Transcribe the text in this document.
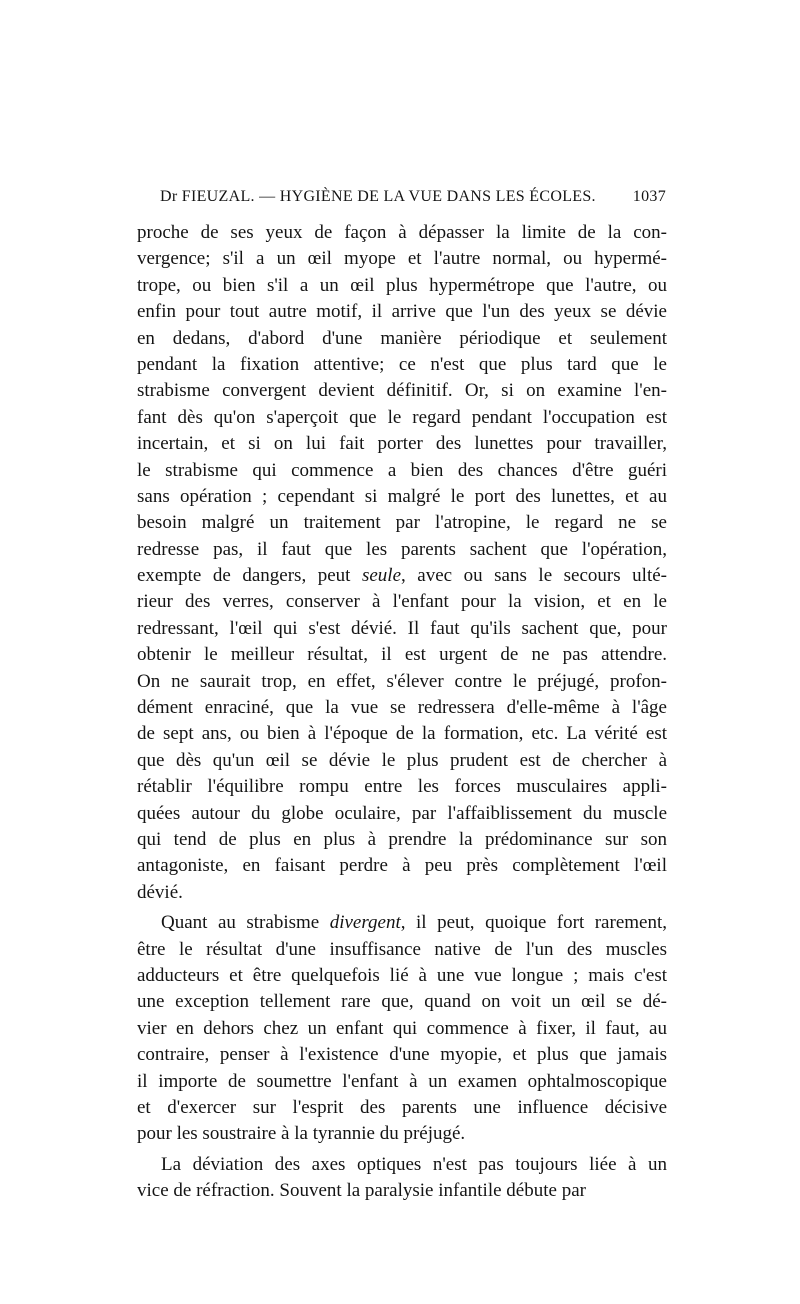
Dr FIEUZAL. — HYGIÈNE DE LA VUE DANS LES ÉCOLES. 1037
proche de ses yeux de façon à dépasser la limite de la con-
vergence; s'il a un œil myope et l'autre normal, ou hypermé-
trope, ou bien s'il a un œil plus hypermétrope que l'autre, ou
enfin pour tout autre motif, il arrive que l'un des yeux se dévie
en dedans, d'abord d'une manière périodique et seulement
pendant la fixation attentive; ce n'est que plus tard que le
strabisme convergent devient définitif. Or, si on examine l'en-
fant dès qu'on s'aperçoit que le regard pendant l'occupation est
incertain, et si on lui fait porter des lunettes pour travailler,
le strabisme qui commence a bien des chances d'être guéri
sans opération ; cependant si malgré le port des lunettes, et au
besoin malgré un traitement par l'atropine, le regard ne se
redresse pas, il faut que les parents sachent que l'opération,
exempte de dangers, peut seule, avec ou sans le secours ulté-
rieur des verres, conserver à l'enfant pour la vision, et en le
redressant, l'œil qui s'est dévié. Il faut qu'ils sachent que, pour
obtenir le meilleur résultat, il est urgent de ne pas attendre.
On ne saurait trop, en effet, s'élever contre le préjugé, profon-
dément enraciné, que la vue se redressera d'elle-même à l'âge
de sept ans, ou bien à l'époque de la formation, etc. La vérité est
que dès qu'un œil se dévie le plus prudent est de chercher à
rétablir l'équilibre rompu entre les forces musculaires appli-
quées autour du globe oculaire, par l'affaiblissement du muscle
qui tend de plus en plus à prendre la prédominance sur son
antagoniste, en faisant perdre à peu près complètement l'œil
dévié.
Quant au strabisme divergent, il peut, quoique fort rarement,
être le résultat d'une insuffisance native de l'un des muscles
adducteurs et être quelquefois lié à une vue longue ; mais c'est
une exception tellement rare que, quand on voit un œil se dé-
vier en dehors chez un enfant qui commence à fixer, il faut, au
contraire, penser à l'existence d'une myopie, et plus que jamais
il importe de soumettre l'enfant à un examen ophtalmoscopique
et d'exercer sur l'esprit des parents une influence décisive
pour les soustraire à la tyrannie du préjugé.
La déviation des axes optiques n'est pas toujours liée à un
vice de réfraction. Souvent la paralysie infantile débute par
